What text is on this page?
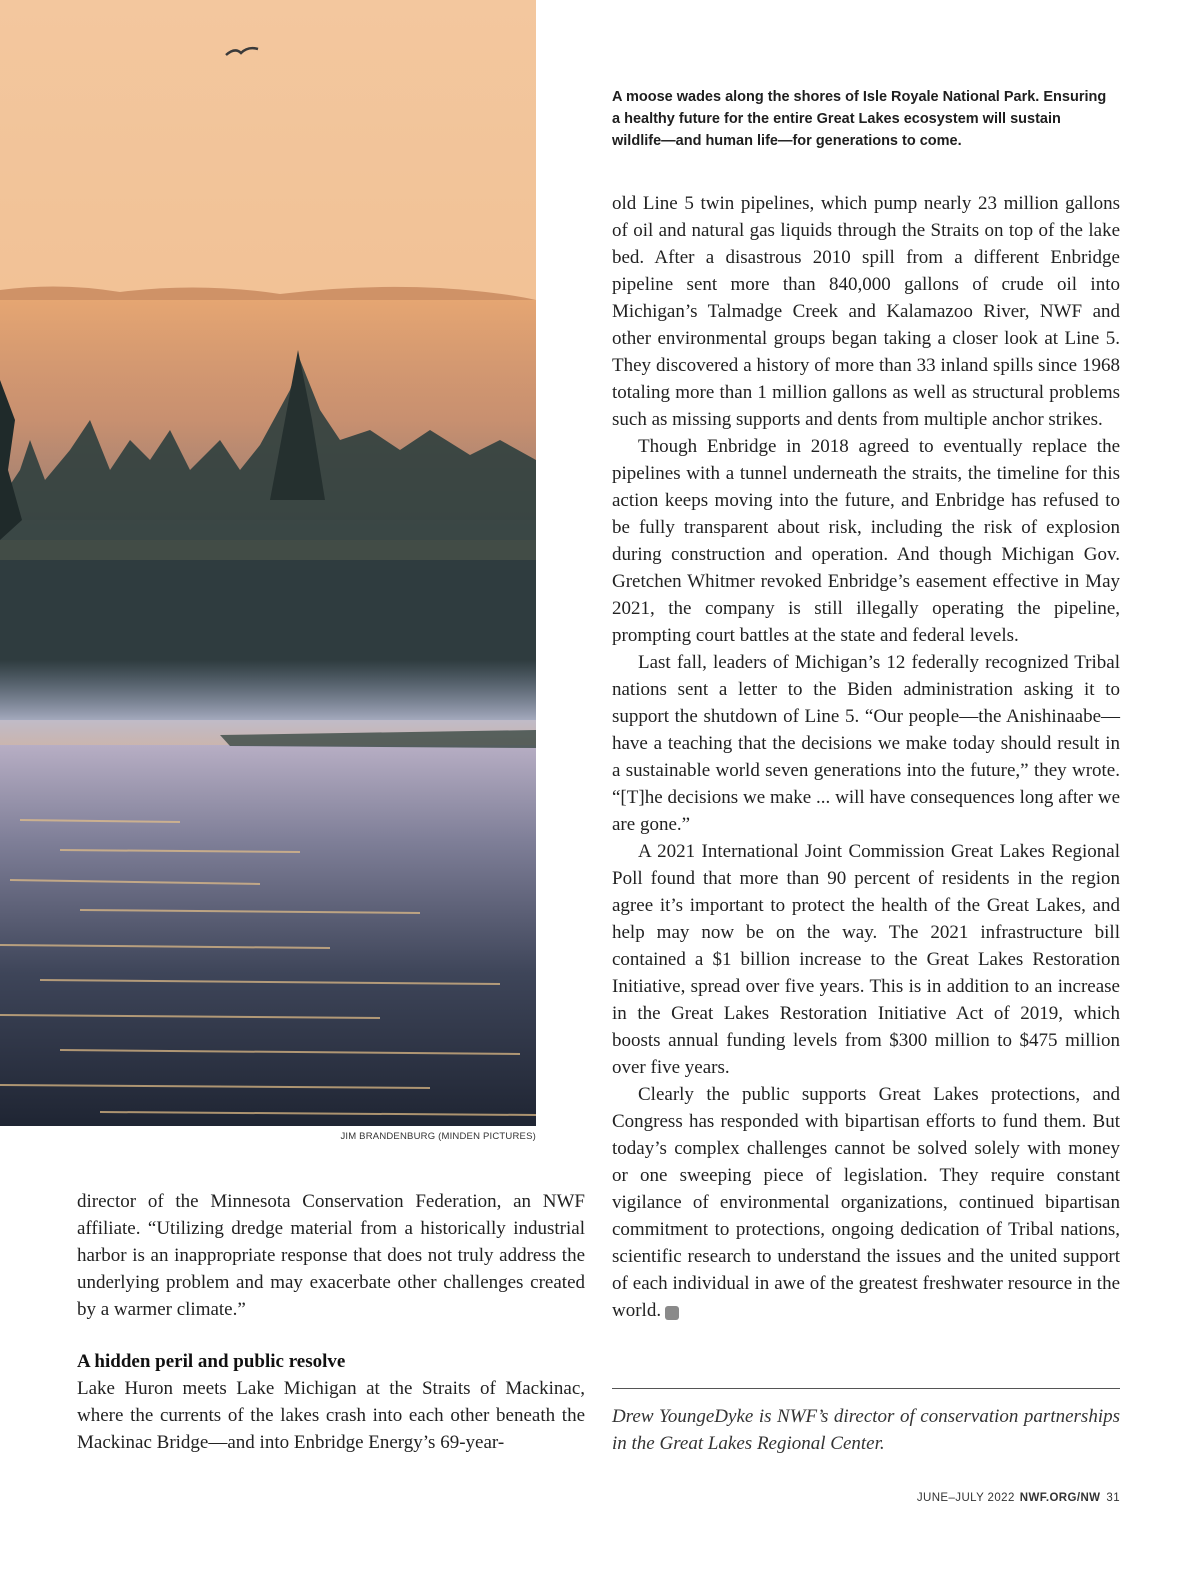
JIM BRANDENBURG (MINDEN PICTURES)
A moose wades along the shores of Isle Royale National Park. Ensuring a healthy future for the entire Great Lakes ecosystem will sustain wildlife—and human life—for generations to come.

director of the Minnesota Conservation Federation, an NWF affiliate. “Utilizing dredge material from a historically industrial harbor is an inappropriate response that does not truly address the underlying problem and may exacerbate other challenges created by a warmer climate.”

A hidden peril and public resolve

Lake Huron meets Lake Michigan at the Straits of Mackinac, where the currents of the lakes crash into each other beneath the Mackinac Bridge—and into Enbridge Energy’s 69-year-

old Line 5 twin pipelines, which pump nearly 23 million gallons of oil and natural gas liquids through the Straits on top of the lake bed. After a disastrous 2010 spill from a different Enbridge pipeline sent more than 840,000 gallons of crude oil into Michigan’s Talmadge Creek and Kalamazoo River, NWF and other environmental groups began taking a closer look at Line 5. They discovered a history of more than 33 inland spills since 1968 totaling more than 1 million gallons as well as structural problems such as missing supports and dents from multiple anchor strikes.

Though Enbridge in 2018 agreed to eventually replace the pipelines with a tunnel underneath the straits, the timeline for this action keeps moving into the future, and Enbridge has refused to be fully transparent about risk, including the risk of explosion during construction and operation. And though Michigan Gov. Gretchen Whitmer revoked Enbridge’s easement effective in May 2021, the company is still illegally operating the pipeline, prompting court battles at the state and federal levels.

Last fall, leaders of Michigan’s 12 federally recognized Tribal nations sent a letter to the Biden administration asking it to support the shutdown of Line 5. “Our people—the Anishinaabe—have a teaching that the decisions we make today should result in a sustainable world seven generations into the future,” they wrote. “[T]he decisions we make ... will have consequences long after we are gone.”

A 2021 International Joint Commission Great Lakes Regional Poll found that more than 90 percent of residents in the region agree it’s important to protect the health of the Great Lakes, and help may now be on the way. The 2021 infrastructure bill contained a $1 billion increase to the Great Lakes Restoration Initiative, spread over five years. This is in addition to an increase in the Great Lakes Restoration Initiative Act of 2019, which boosts annual funding levels from $300 million to $475 million over five years.

Clearly the public supports Great Lakes protections, and Congress has responded with bipartisan efforts to fund them. But today’s complex challenges cannot be solved solely with money or one sweeping piece of legislation. They require constant vigilance of environmental organizations, continued bipartisan commitment to protections, ongoing dedication of Tribal nations, scientific research to understand the issues and the united support of each individual in awe of the greatest freshwater resource in the world.	W

Drew YoungeDyke is NWF’s director of conservation partnerships in the Great Lakes Regional Center.

JUNE–JULY 2022 NWF.ORG/NW 31
